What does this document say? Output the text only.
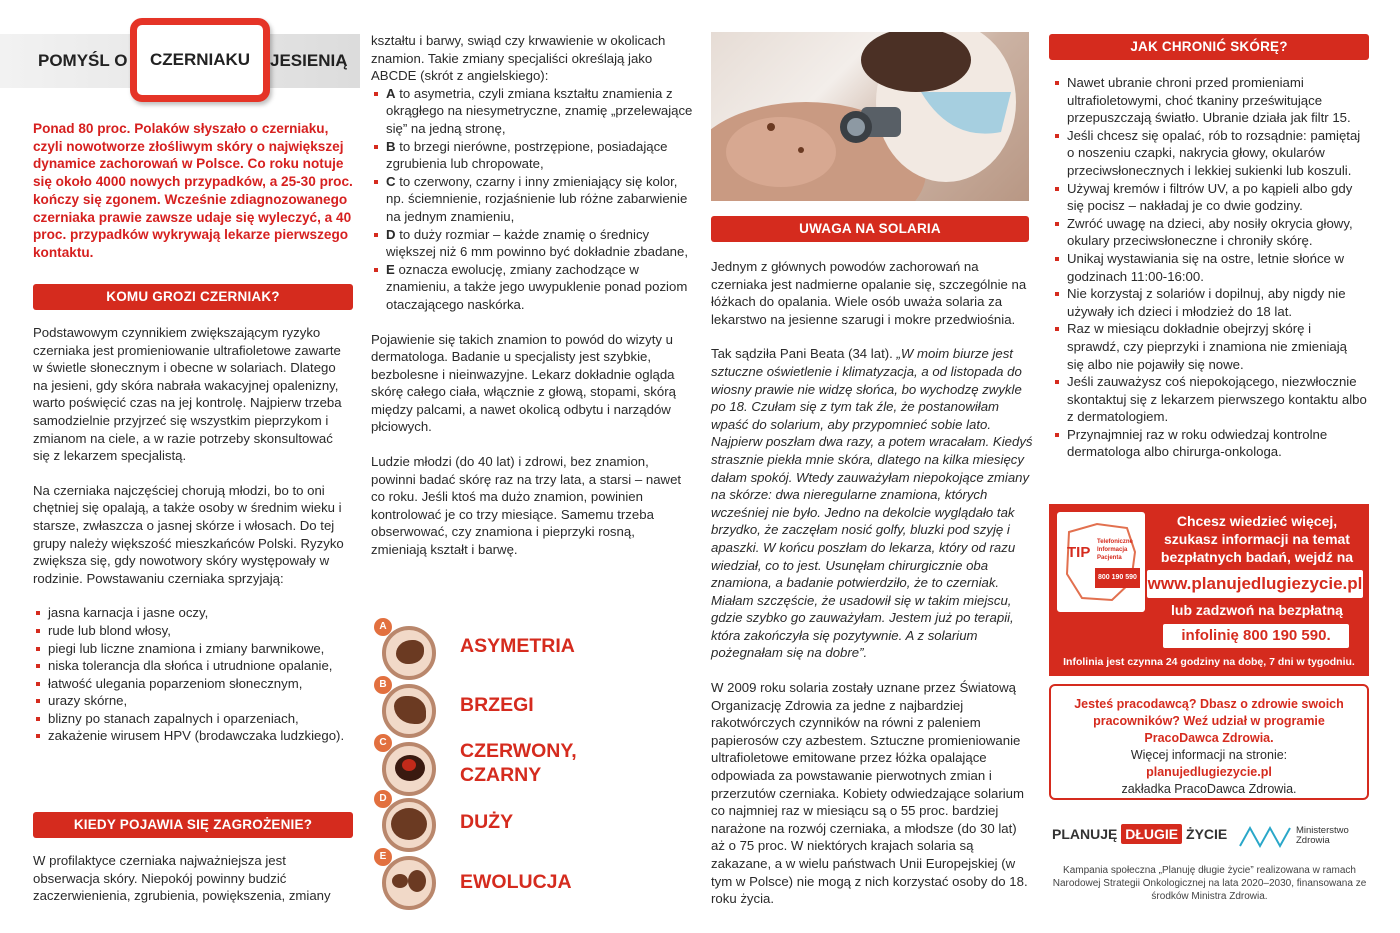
POMYŚL O	JESIENIĄ
CZERNIAKU

Ponad 80 proc. Polaków słyszało o czerniaku, czyli nowotworze złośliwym skóry o największej dynamice zachorowań w Polsce. Co roku notuje się około 4000 nowych przypadków, a 25-30 proc. kończy się zgonem. Wcześnie zdiagnozowanego czerniaka prawie zawsze udaje się wyleczyć, a 40 proc. przypadków wykrywają lekarze pierwszego kontaktu.

KOMU GROZI CZERNIAK?

Podstawowym czynnikiem zwiększającym ryzyko czerniaka jest promieniowanie ultrafioletowe zawarte w świetle słonecznym i obecne w solariach. Dlatego na jesieni, gdy skóra nabrała wakacyjnej opalenizny, warto poświęcić czas na jej kontrolę. Najpierw trzeba samodzielnie przyjrzeć się wszystkim pieprzykom i zmianom na ciele, a w razie potrzeby skonsultować się z lekarzem specjalistą.

Na czerniaka najczęściej chorują młodzi, bo to oni chętniej się opalają, a także osoby w średnim wieku i starsze, zwłaszcza o jasnej skórze i włosach. Do tej grupy należy większość mieszkańców Polski. Ryzyko zwiększa się, gdy nowotwory skóry występowały w rodzinie. Powstawaniu czerniaka sprzyjają:

jasna karnacja i jasne oczy,
rude lub blond włosy,
piegi lub liczne znamiona i zmiany barwnikowe,
niska tolerancja dla słońca i utrudnione opalanie,
łatwość ulegania poparzeniom słonecznym,
urazy skórne,
blizny po stanach zapalnych i oparzeniach,
zakażenie wirusem HPV (brodawczaka ludzkiego).
KIEDY POJAWIA SIĘ ZAGROŻENIE?

W profilaktyce czerniaka najważniejsza jest obserwacja skóry. Niepokój powinny budzić zaczerwienienia, zgrubienia, powiększenia, zmiany

kształtu i barwy, swiąd czy krwawienie w okolicach znamion. Takie zmiany specjaliści określają jako ABCDE (skrót z angielskiego):

A to asymetria, czyli zmiana kształtu znamienia z okrągłego na niesymetryczne, znamię „przelewające się” na jedną stronę,
B to brzegi nierówne, postrzępione, posiadające zgrubienia lub chropowate,
C to czerwony, czarny i inny zmieniający się kolor, np. ściemnienie, rozjaśnienie lub różne zabarwienie na jednym znamieniu,
D to duży rozmiar – każde znamię o średnicy większej niż 6 mm powinno być dokładnie zbadane,
E oznacza ewolucję, zmiany zachodzące w znamieniu, a także jego uwypuklenie ponad poziom otaczającego naskórka.

Pojawienie się takich znamion to powód do wizyty u dermatologa. Badanie u specjalisty jest szybkie, bezbolesne i nieinwazyjne. Lekarz dokładnie ogląda skórę całego ciała, włącznie z głową, stopami, skórą między palcami, a nawet okolicą odbytu i narządów płciowych.

Ludzie młodzi (do 40 lat) i zdrowi, bez znamion, powinni badać skórę raz na trzy lata, a starsi – nawet co roku. Jeśli ktoś ma dużo znamion, powinien kontrolować je co trzy miesiące. Samemu trzeba obserwować, czy znamiona i pieprzyki rosną, zmieniają kształt i barwę.

A
ASYMETRIA
B
BRZEGI
C	CZERWONY, CZARNY
D
DUŻY
E
EWOLUCJA
UWAGA NA SOLARIA

Jednym z głównych powodów zachorowań na czerniaka jest nadmierne opalanie się, szczególnie na łóżkach do opalania. Wiele osób uważa solaria za lekarstwo na jesienne szarugi i mokre przedwiośnia.

Tak sądziła Pani Beata (34 lat). „W moim biurze jest sztuczne oświetlenie i klimatyzacja, a od listopada do wiosny prawie nie widzę słońca, bo wychodzę zwykle po 18. Czułam się z tym tak źle, że postanowiłam wpaść do solarium, aby przypomnieć sobie lato. Najpierw poszłam dwa razy, a potem wracałam. Kiedyś strasznie piekła mnie skóra, dlatego na kilka miesięcy dałam spokój. Wtedy zauważyłam niepokojące zmiany na skórze: dwa nieregularne znamiona, których wcześniej nie było. Jedno na dekolcie wyglądało tak brzydko, że zaczęłam nosić golfy, bluzki pod szyję i apaszki. W końcu poszłam do lekarza, który od razu wiedział, co to jest. Usunęłam chirurgicznie oba znamiona, a badanie potwierdziło, że to czerniak. Miałam szczęście, że usadowił się w takim miejscu, gdzie szybko go zauważyłam. Jestem już po terapii, która zakończyła się pozytywnie. A z solarium pożegnałam się na dobre”.

W 2009 roku solaria zostały uznane przez Światową Organizację Zdrowia za jedne z najbardziej rakotwórczych czynników na równi z paleniem papierosów czy azbestem. Sztuczne promieniowanie ultrafioletowe emitowane przez łóżka opalające odpowiada za powstawanie pierwotnych zmian i przerzutów czerniaka. Kobiety odwiedzające solarium co najmniej raz w miesiącu są o 55 proc. bardziej narażone na rozwój czerniaka, a młodsze (do 30 lat) aż o 75 proc. W niektórych krajach solaria są zakazane, a w wielu państwach Unii Europejskiej (w tym w Polsce) nie mogą z nich korzystać osoby do 18. roku życia.

JAK CHRONIĆ SKÓRĘ?
Nawet ubranie chroni przed promieniami ultrafioletowymi, choć tkaniny prześwitujące przepuszczają światło. Ubranie działa jak filtr 15.
Jeśli chcesz się opalać, rób to rozsądnie: pamiętaj o noszeniu czapki, nakrycia głowy, okularów przeciwsłonecznych i lekkiej sukienki lub koszuli.
Używaj kremów i filtrów UV, a po kąpieli albo gdy się pocisz – nakładaj je co dwie godziny.
Zwróć uwagę na dzieci, aby nosiły okrycia głowy, okulary przeciwsłoneczne i chroniły skórę.
Unikaj wystawiania się na ostre, letnie słońce w godzinach 11:00-16:00.
Nie korzystaj z solariów i dopilnuj, aby nigdy nie używały ich dzieci i młodzież do 18 lat.
Raz w miesiącu dokładnie obejrzyj skórę i sprawdź, czy pieprzyki i znamiona nie zmieniają się albo nie pojawiły się nowe.
Jeśli zauważysz coś niepokojącego, niezwłocznie skontaktuj się z lekarzem pierwszego kontaktu albo z dermatologiem.
Przynajmniej raz w roku odwiedzaj kontrolne dermatologa albo chirurga-onkologa.
TIP
Telefoniczne
Informacja
Pacjenta
800 190 590
Chcesz wiedzieć więcej, szukasz informacji na temat bezpłatnych badań, wejdź na
www.planujedlugiezycie.pl
lub zadzwoń na bezpłatną
infolinię 800 190 590.
Infolinia jest czynna 24 godziny na dobę, 7 dni w tygodniu.
Jesteś pracodawcą? Dbasz o zdrowie swoich pracowników? Weź udział w programie PracoDawca Zdrowia.
Więcej informacji na stronie:
planujedlugiezycie.pl
zakładka PracoDawca Zdrowia.
PLANUJĘ DŁUGIE ŻYCIE	Ministerstwo
Zdrowia
Kampania społeczna „Planuję długie życie” realizowana w ramach Narodowej Strategii Onkologicznej na lata 2020–2030, finansowana ze środków Ministra Zdrowia.
